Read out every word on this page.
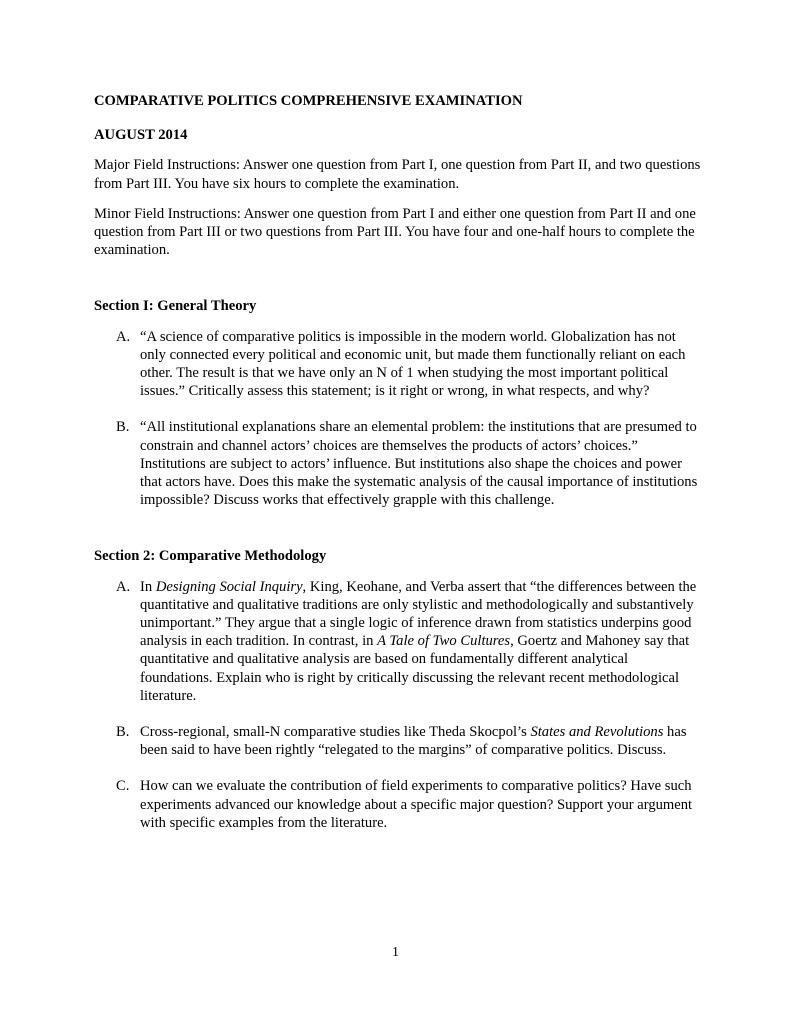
COMPARATIVE POLITICS COMPREHENSIVE EXAMINATION
AUGUST 2014

Major Field Instructions: Answer one question from Part I, one question from Part II, and two questions from Part III. You have six hours to complete the examination.

Minor Field Instructions: Answer one question from Part I and either one question from Part II and one question from Part III or two questions from Part III. You have four and one-half hours to complete the examination.

Section I: General Theory
A. “A science of comparative politics is impossible in the modern world. Globalization has not only connected every political and economic unit, but made them functionally reliant on each other. The result is that we have only an N of 1 when studying the most important political issues.” Critically assess this statement; is it right or wrong, in what respects, and why?
B. “All institutional explanations share an elemental problem: the institutions that are presumed to constrain and channel actors’ choices are themselves the products of actors’ choices.” Institutions are subject to actors’ influence. But institutions also shape the choices and power that actors have. Does this make the systematic analysis of the causal importance of institutions impossible? Discuss works that effectively grapple with this challenge.
Section 2: Comparative Methodology
A. In Designing Social Inquiry, King, Keohane, and Verba assert that “the differences between the quantitative and qualitative traditions are only stylistic and methodologically and substantively unimportant.” They argue that a single logic of inference drawn from statistics underpins good analysis in each tradition. In contrast, in A Tale of Two Cultures, Goertz and Mahoney say that quantitative and qualitative analysis are based on fundamentally different analytical foundations. Explain who is right by critically discussing the relevant recent methodological literature.
B. Cross-regional, small-N comparative studies like Theda Skocpol’s States and Revolutions has been said to have been rightly “relegated to the margins” of comparative politics. Discuss.
C. How can we evaluate the contribution of field experiments to comparative politics? Have such experiments advanced our knowledge about a specific major question? Support your argument with specific examples from the literature.
1
